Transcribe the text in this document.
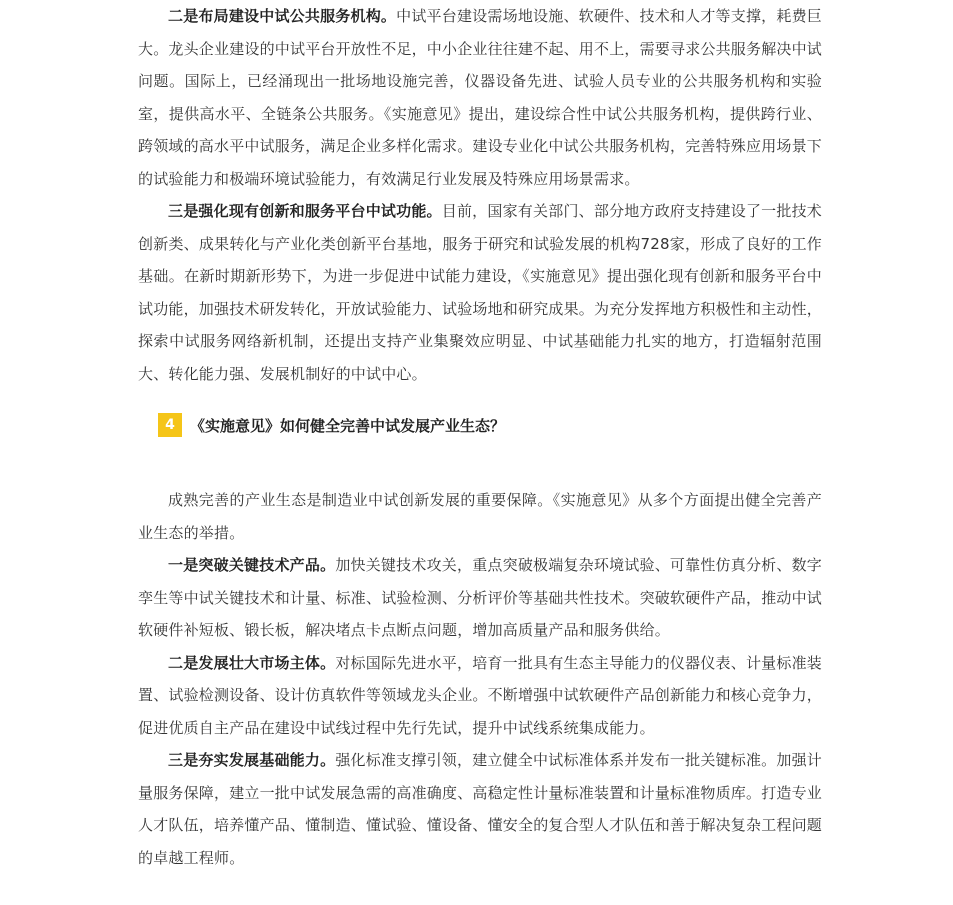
二是布局建设中试公共服务机构。中试平台建设需场地设施、软硬件、技术和人才等支撑，耗费巨大。龙头企业建设的中试平台开放性不足，中小企业往往建不起、用不上，需要寻求公共服务解决中试问题。国际上，已经涌现出一批场地设施完善，仪器设备先进、试验人员专业的公共服务机构和实验室，提供高水平、全链条公共服务。《实施意见》提出，建设综合性中试公共服务机构，提供跨行业、跨领域的高水平中试服务，满足企业多样化需求。建设专业化中试公共服务机构，完善特殊应用场景下的试验能力和极端环境试验能力，有效满足行业发展及特殊应用场景需求。

三是强化现有创新和服务平台中试功能。目前，国家有关部门、部分地方政府支持建设了一批技术创新类、成果转化与产业化类创新平台基地，服务于研究和试验发展的机构728家，形成了良好的工作基础。在新时期新形势下，为进一步促进中试能力建设，《实施意见》提出强化现有创新和服务平台中试功能，加强技术研发转化，开放试验能力、试验场地和研究成果。为充分发挥地方积极性和主动性，探索中试服务网络新机制，还提出支持产业集聚效应明显、中试基础能力扎实的地方，打造辐射范围大、转化能力强、发展机制好的中试中心。

4	《实施意见》如何健全完善中试发展产业生态？

成熟完善的产业生态是制造业中试创新发展的重要保障。《实施意见》从多个方面提出健全完善产业生态的举措。

一是突破关键技术产品。加快关键技术攻关，重点突破极端复杂环境试验、可靠性仿真分析、数字孪生等中试关键技术和计量、标准、试验检测、分析评价等基础共性技术。突破软硬件产品，推动中试软硬件补短板、锻长板，解决堵点卡点断点问题，增加高质量产品和服务供给。

二是发展壮大市场主体。对标国际先进水平，培育一批具有生态主导能力的仪器仪表、计量标准装置、试验检测设备、设计仿真软件等领域龙头企业。不断增强中试软硬件产品创新能力和核心竞争力，促进优质自主产品在建设中试线过程中先行先试，提升中试线系统集成能力。

三是夯实发展基础能力。强化标准支撑引领，建立健全中试标准体系并发布一批关键标准。加强计量服务保障，建立一批中试发展急需的高准确度、高稳定性计量标准装置和计量标准物质库。打造专业人才队伍，培养懂产品、懂制造、懂试验、懂设备、懂安全的复合型人才队伍和善于解决复杂工程问题的卓越工程师。
